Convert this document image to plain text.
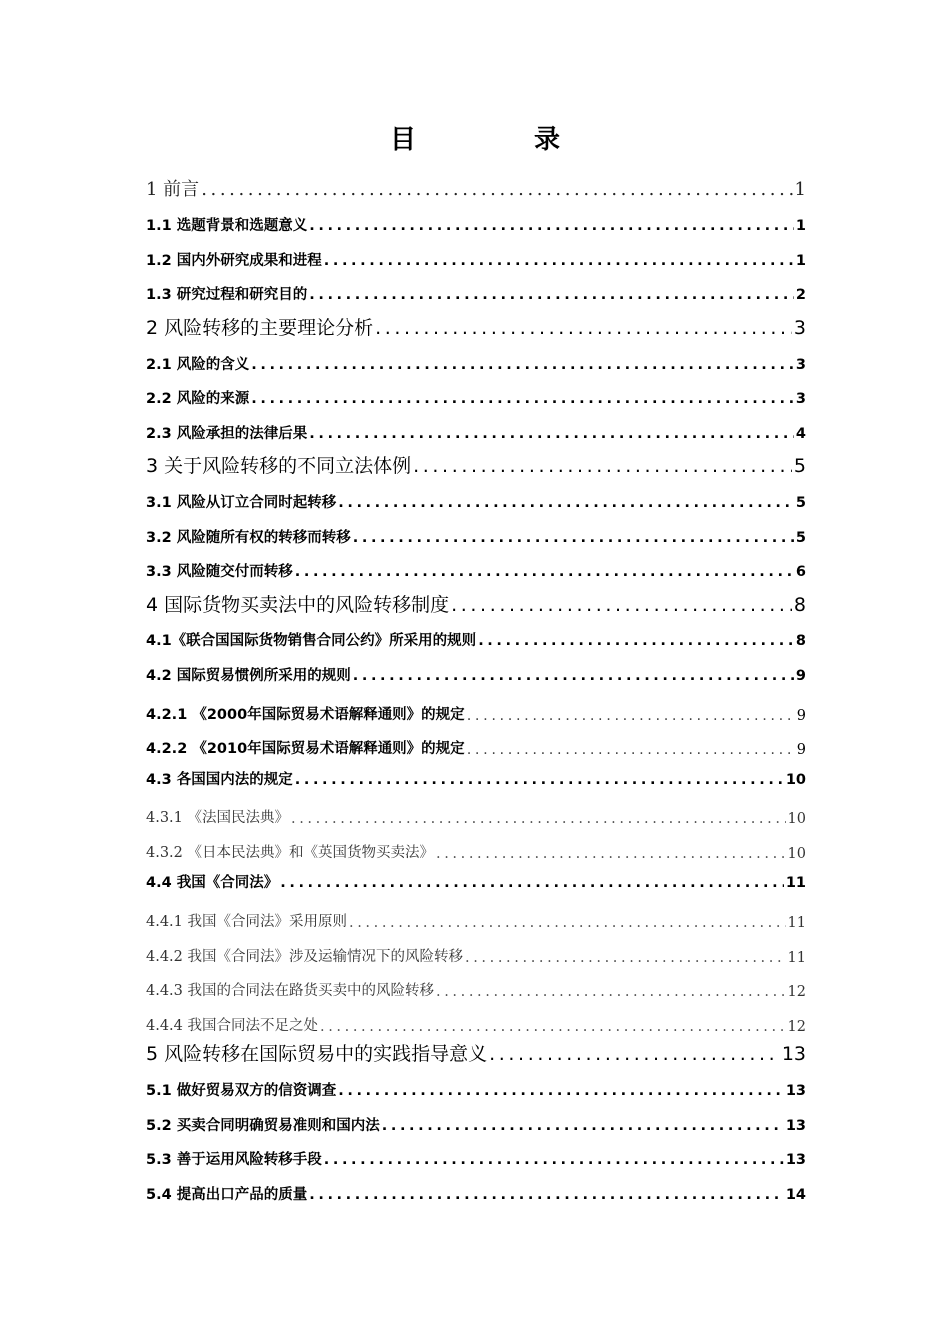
目　录
1 前言 .....	1
1.1 选题背景和选题意义 .....	1
1.2 国内外研究成果和进程 .....	1
1.3 研究过程和研究目的 .....	2
2 风险转移的主要理论分析 .....	3
2.1 风险的含义 .....	3
2.2 风险的来源 .....	3
2.3 风险承担的法律后果 .....	4
3 关于风险转移的不同立法体例 .....	5
3.1 风险从订立合同时起转移 .....	5
3.2 风险随所有权的转移而转移 .....	5
3.3 风险随交付而转移 .....	6
4 国际货物买卖法中的风险转移制度 .....	8
4.1《联合国国际货物销售合同公约》所采用的规则 .....	8
4.2 国际贸易惯例所采用的规则 .....	9
4.2.1 《2000年国际贸易术语解释通则》的规定 .....	9
4.2.2 《2010年国际贸易术语解释通则》的规定 .....	9
4.3 各国国内法的规定 .....	10
4.3.1 《法国民法典》 .....	10
4.3.2 《日本民法典》和《英国货物买卖法》 .....	10
4.4 我国《合同法》 .....	11
4.4.1 我国《合同法》采用原则 .....	11
4.4.2 我国《合同法》涉及运输情况下的风险转移 .....	11
4.4.3 我国的合同法在路货买卖中的风险转移 .....	12
4.4.4 我国合同法不足之处 .....	12
5 风险转移在国际贸易中的实践指导意义 .....	13
5.1 做好贸易双方的信资调查 .....	13
5.2 买卖合同明确贸易准则和国内法 .....	13
5.3 善于运用风险转移手段 .....	13
5.4 提高出口产品的质量 .....	14
